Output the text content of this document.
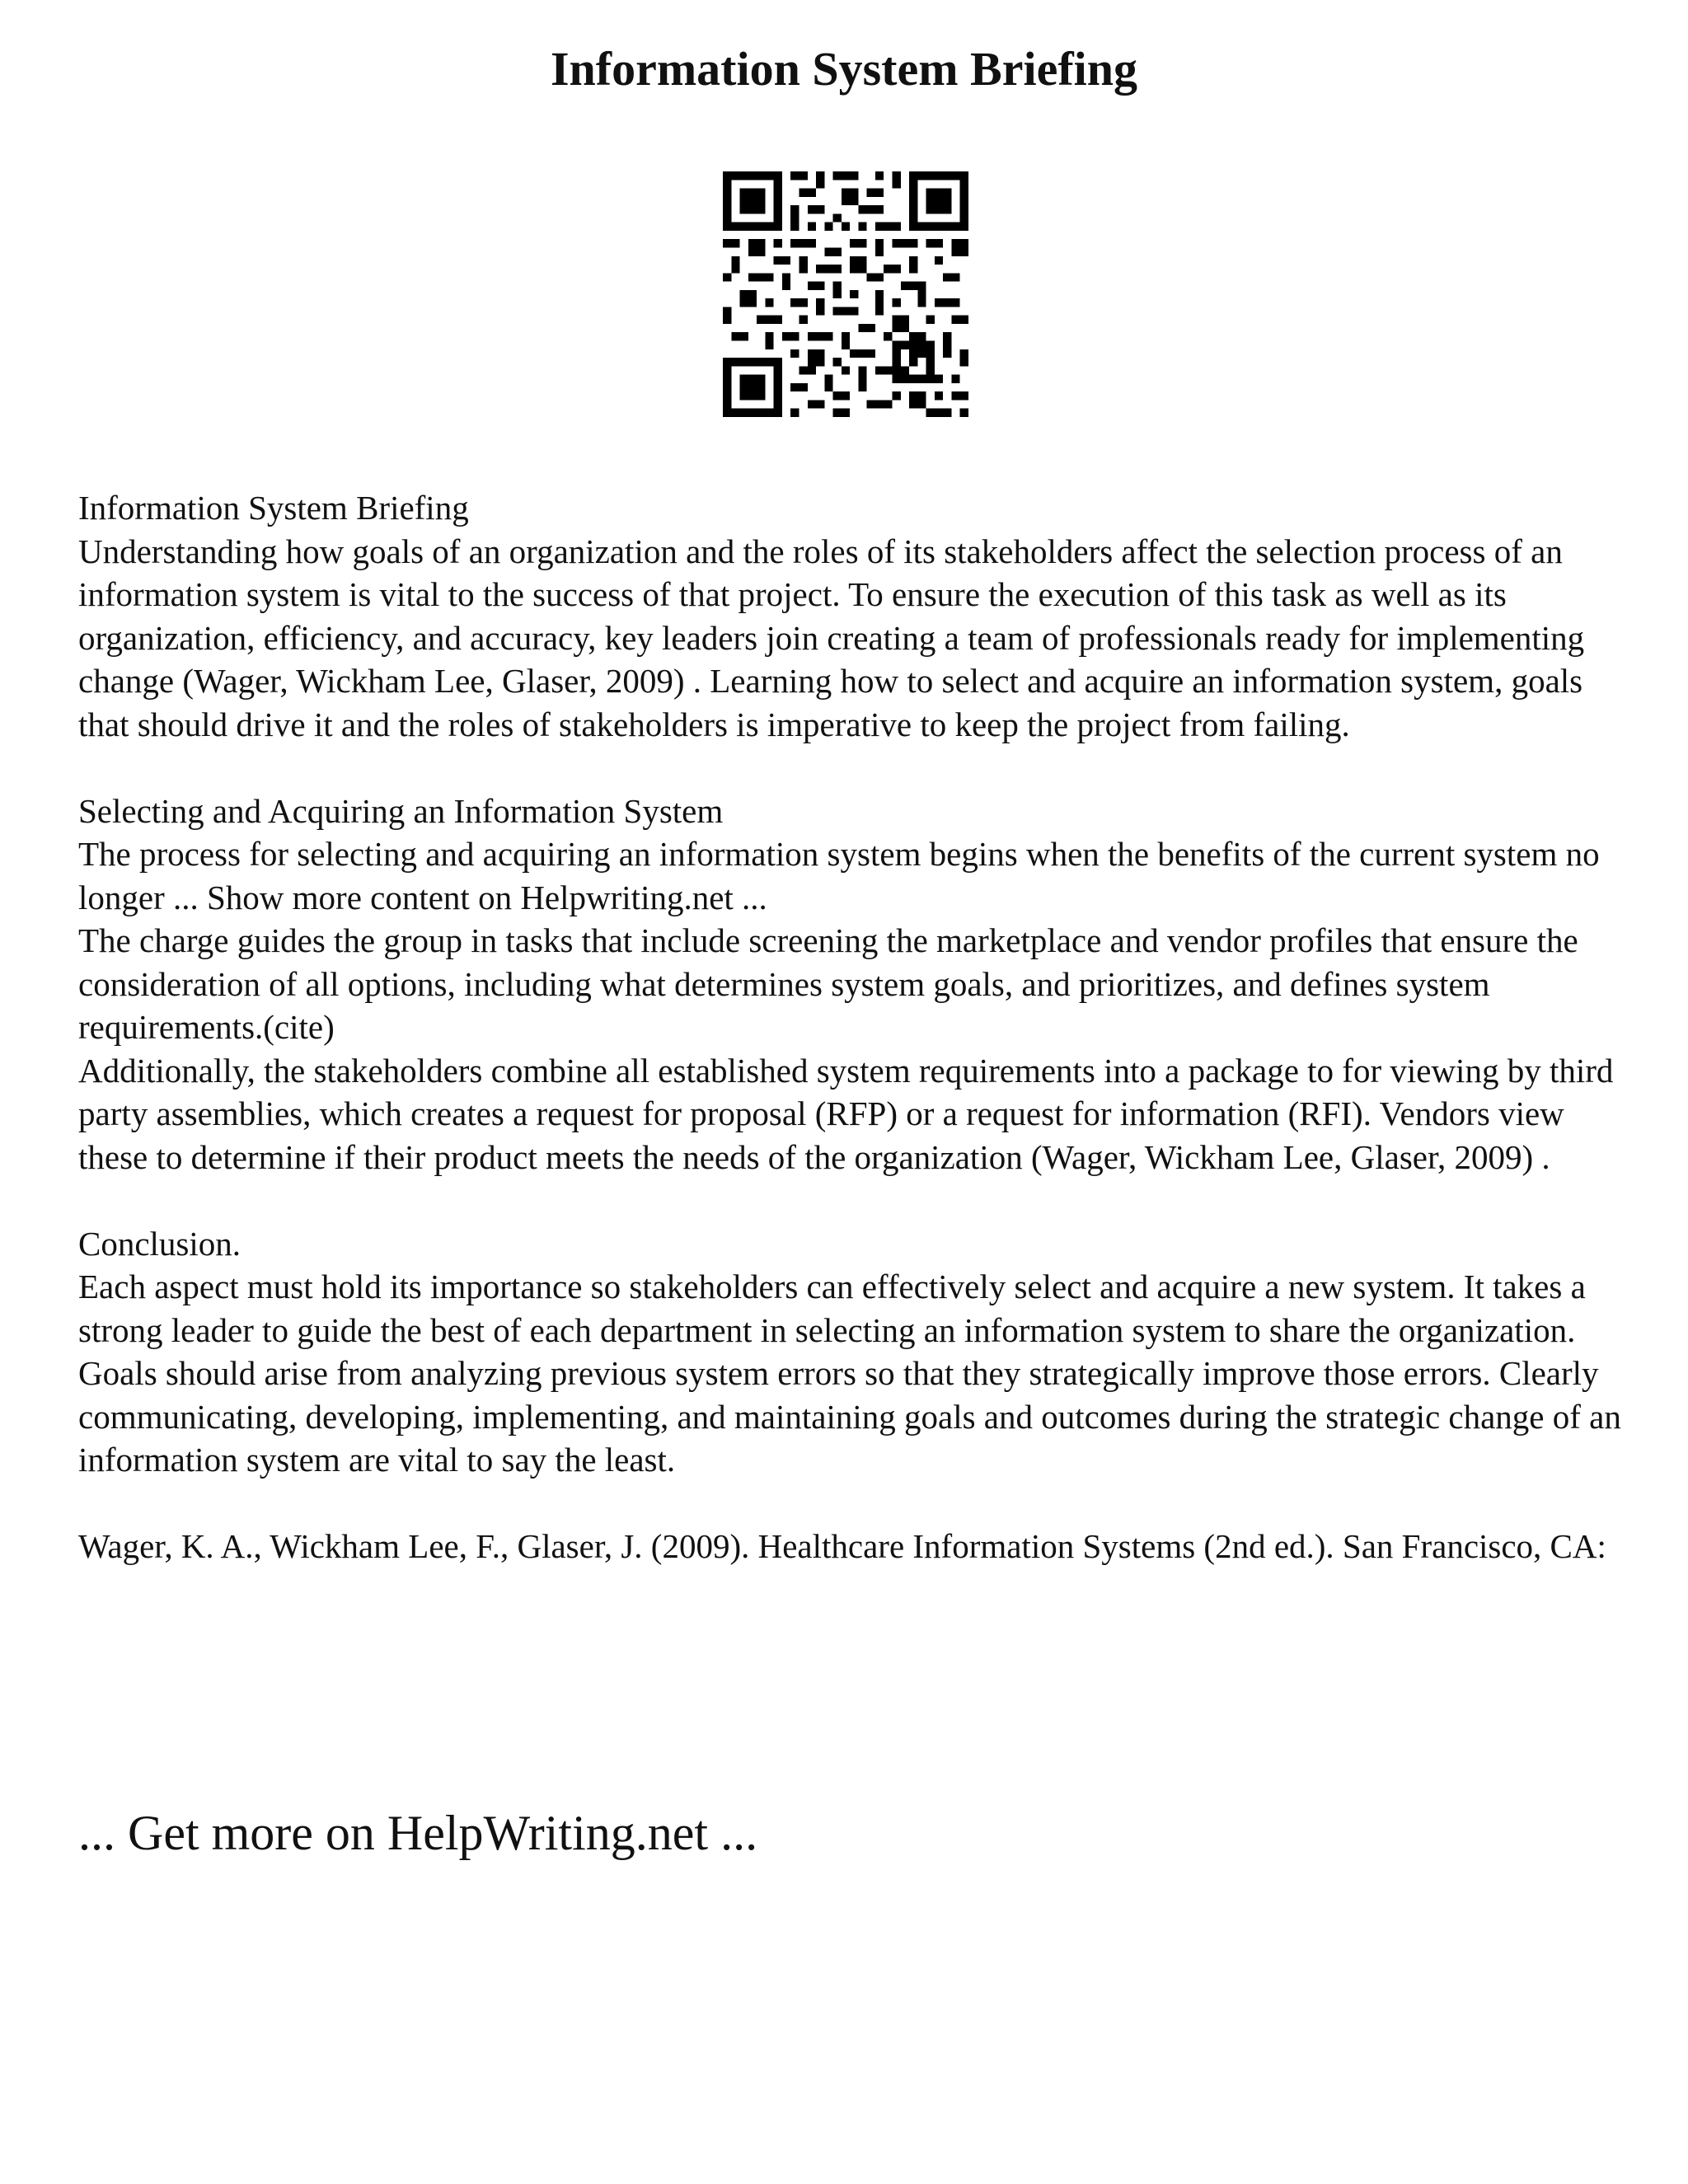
Information System Briefing

Information System Briefing

Understanding how goals of an organization and the roles of its stakeholders affect the selection process of an information system is vital to the success of that project. To ensure the execution of this task as well as its organization, efficiency, and accuracy, key leaders join creating a team of professionals ready for implementing change (Wager, Wickham Lee, Glaser, 2009) . Learning how to select and acquire an information system, goals that should drive it and the roles of stakeholders is imperative to keep the project from failing.

Selecting and Acquiring an Information System

The process for selecting and acquiring an information system begins when the benefits of the current system no longer ... Show more content on Helpwriting.net ...

The charge guides the group in tasks that include screening the marketplace and vendor profiles that ensure the consideration of all options, including what determines system goals, and prioritizes, and defines system requirements.(cite)

Additionally, the stakeholders combine all established system requirements into a package to for viewing by third party assemblies, which creates a request for proposal (RFP) or a request for information (RFI). Vendors view these to determine if their product meets the needs of the organization (Wager, Wickham Lee, Glaser, 2009) .

Conclusion.

Each aspect must hold its importance so stakeholders can effectively select and acquire a new system. It takes a strong leader to guide the best of each department in selecting an information system to share the organization. Goals should arise from analyzing previous system errors so that they strategically improve those errors. Clearly communicating, developing, implementing, and maintaining goals and outcomes during the strategic change of an information system are vital to say the least.

Wager, K. A., Wickham Lee, F., Glaser, J. (2009). Healthcare Information Systems (2nd ed.). San Francisco, CA:

... Get more on HelpWriting.net ...
